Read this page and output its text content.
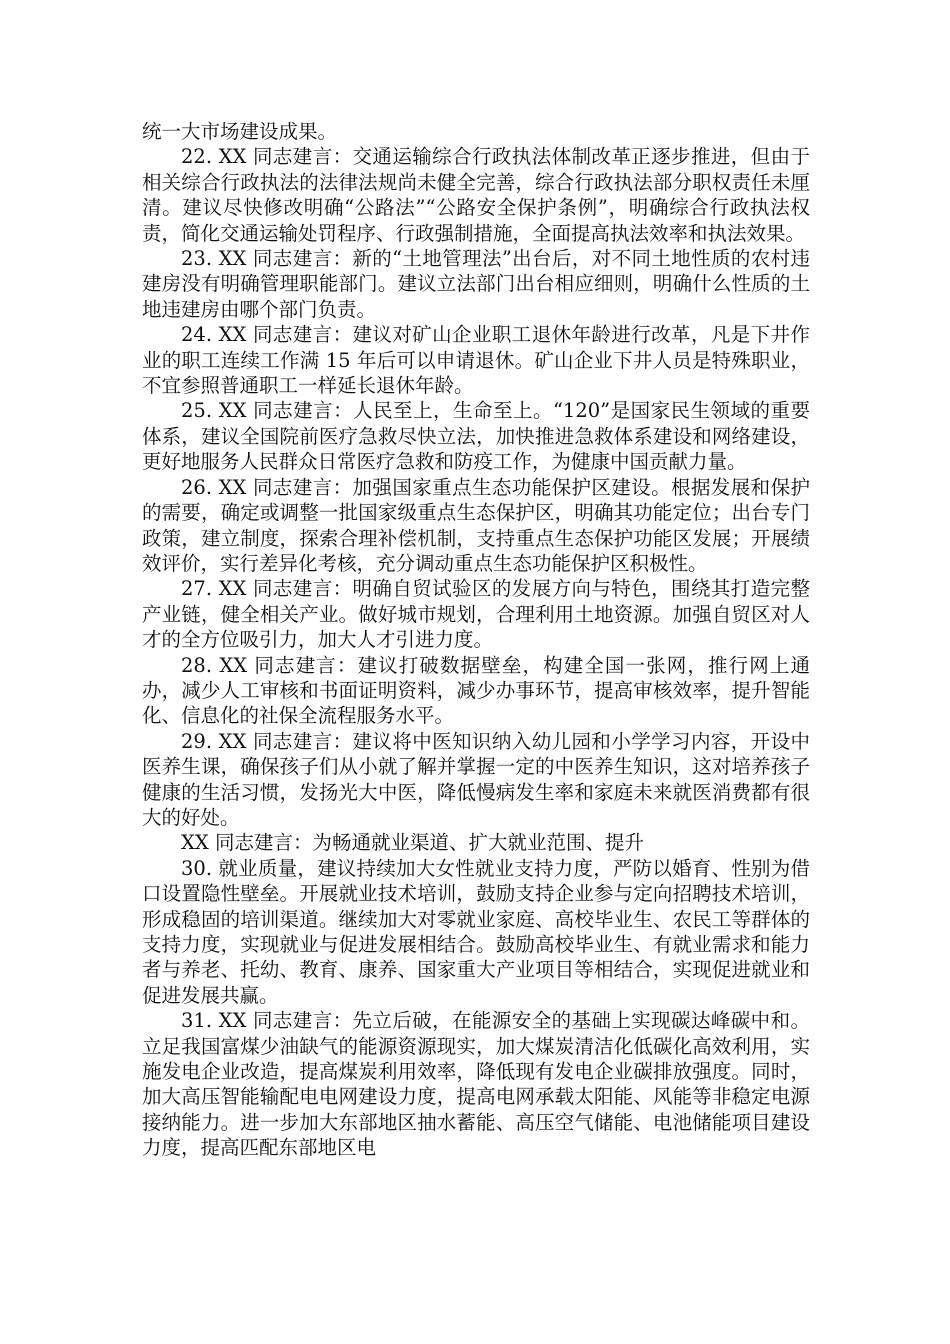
统一大市场建设成果。

22. XX 同志建言：交通运输综合行政执法体制改革正逐步推进，但由于相关综合行政执法的法律法规尚未健全完善，综合行政执法部分职权责任未厘清。建议尽快修改明确“公路法”“公路安全保护条例”，明确综合行政执法权责，简化交通运输处罚程序、行政强制措施，全面提高执法效率和执法效果。

23. XX 同志建言：新的“土地管理法”出台后，对不同土地性质的农村违建房没有明确管理职能部门。建议立法部门出台相应细则，明确什么性质的土地违建房由哪个部门负责。

24. XX 同志建言：建议对矿山企业职工退休年龄进行改革，凡是下井作业的职工连续工作满 15 年后可以申请退休。矿山企业下井人员是特殊职业，不宜参照普通职工一样延长退休年龄。

25. XX 同志建言：人民至上，生命至上。“120”是国家民生领域的重要体系，建议全国院前医疗急救尽快立法，加快推进急救体系建设和网络建设，更好地服务人民群众日常医疗急救和防疫工作，为健康中国贡献力量。

26. XX 同志建言：加强国家重点生态功能保护区建设。根据发展和保护的需要，确定或调整一批国家级重点生态保护区，明确其功能定位；出台专门政策，建立制度，探索合理补偿机制，支持重点生态保护功能区发展；开展绩效评价，实行差异化考核，充分调动重点生态功能保护区积极性。

27. XX 同志建言：明确自贸试验区的发展方向与特色，围绕其打造完整产业链，健全相关产业。做好城市规划，合理利用土地资源。加强自贸区对人才的全方位吸引力，加大人才引进力度。

28. XX 同志建言：建议打破数据壁垒，构建全国一张网，推行网上通办，减少人工审核和书面证明资料，减少办事环节，提高审核效率，提升智能化、信息化的社保全流程服务水平。

29. XX 同志建言：建议将中医知识纳入幼儿园和小学学习内容，开设中医养生课，确保孩子们从小就了解并掌握一定的中医养生知识，这对培养孩子健康的生活习惯，发扬光大中医，降低慢病发生率和家庭未来就医消费都有很大的好处。

XX 同志建言：为畅通就业渠道、扩大就业范围、提升

30. 就业质量，建议持续加大女性就业支持力度，严防以婚育、性别为借口设置隐性壁垒。开展就业技术培训，鼓励支持企业参与定向招聘技术培训，形成稳固的培训渠道。继续加大对零就业家庭、高校毕业生、农民工等群体的支持力度，实现就业与促进发展相结合。鼓励高校毕业生、有就业需求和能力者与养老、托幼、教育、康养、国家重大产业项目等相结合，实现促进就业和促进发展共赢。

31. XX 同志建言：先立后破，在能源安全的基础上实现碳达峰碳中和。立足我国富煤少油缺气的能源资源现实，加大煤炭清洁化低碳化高效利用，实施发电企业改造，提高煤炭利用效率，降低现有发电企业碳排放强度。同时，加大高压智能输配电电网建设力度，提高电网承载太阳能、风能等非稳定电源接纳能力。进一步加大东部地区抽水蓄能、高压空气储能、电池储能项目建设力度，提高匹配东部地区电
